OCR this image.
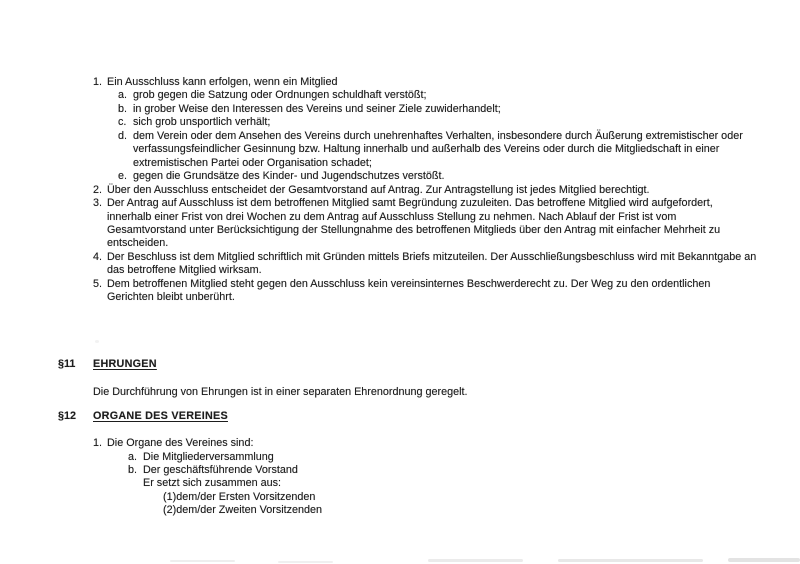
1. Ein Ausschluss kann erfolgen, wenn ein Mitglied
a. grob gegen die Satzung oder Ordnungen schuldhaft verstößt;
b. in grober Weise den Interessen des Vereins und seiner Ziele zuwiderhandelt;
c. sich grob unsportlich verhält;
d. dem Verein oder dem Ansehen des Vereins durch unehrenhaftes Verhalten, insbesondere durch Äußerung extremistischer oder verfassungsfeindlicher Gesinnung bzw. Haltung innerhalb und außerhalb des Vereins oder durch die Mitgliedschaft in einer extremistischen Partei oder Organisation schadet;
e. gegen die Grundsätze des Kinder- und Jugendschutzes verstößt.
2. Über den Ausschluss entscheidet der Gesamtvorstand auf Antrag. Zur Antragstellung ist jedes Mitglied berechtigt.
3. Der Antrag auf Ausschluss ist dem betroffenen Mitglied samt Begründung zuzuleiten. Das betroffene Mitglied wird aufgefordert, innerhalb einer Frist von drei Wochen zu dem Antrag auf Ausschluss Stellung zu nehmen. Nach Ablauf der Frist ist vom Gesamtvorstand unter Berücksichtigung der Stellungnahme des betroffenen Mitglieds über den Antrag mit einfacher Mehrheit zu entscheiden.
4. Der Beschluss ist dem Mitglied schriftlich mit Gründen mittels Briefs mitzuteilen. Der Ausschließungsbeschluss wird mit Bekanntgabe an das betroffene Mitglied wirksam.
5. Dem betroffenen Mitglied steht gegen den Ausschluss kein vereinsinternes Beschwerderecht zu. Der Weg zu den ordentlichen Gerichten bleibt unberührt.
§11	EHRUNGEN
Die Durchführung von Ehrungen ist in einer separaten Ehrenordnung geregelt.
§12	ORGANE DES VEREINES
1. Die Organe des Vereines sind:
a. Die Mitgliederversammlung
b. Der geschäftsführende Vorstand
Er setzt sich zusammen aus:
(1) dem/der Ersten Vorsitzenden
(2) dem/der Zweiten Vorsitzenden
